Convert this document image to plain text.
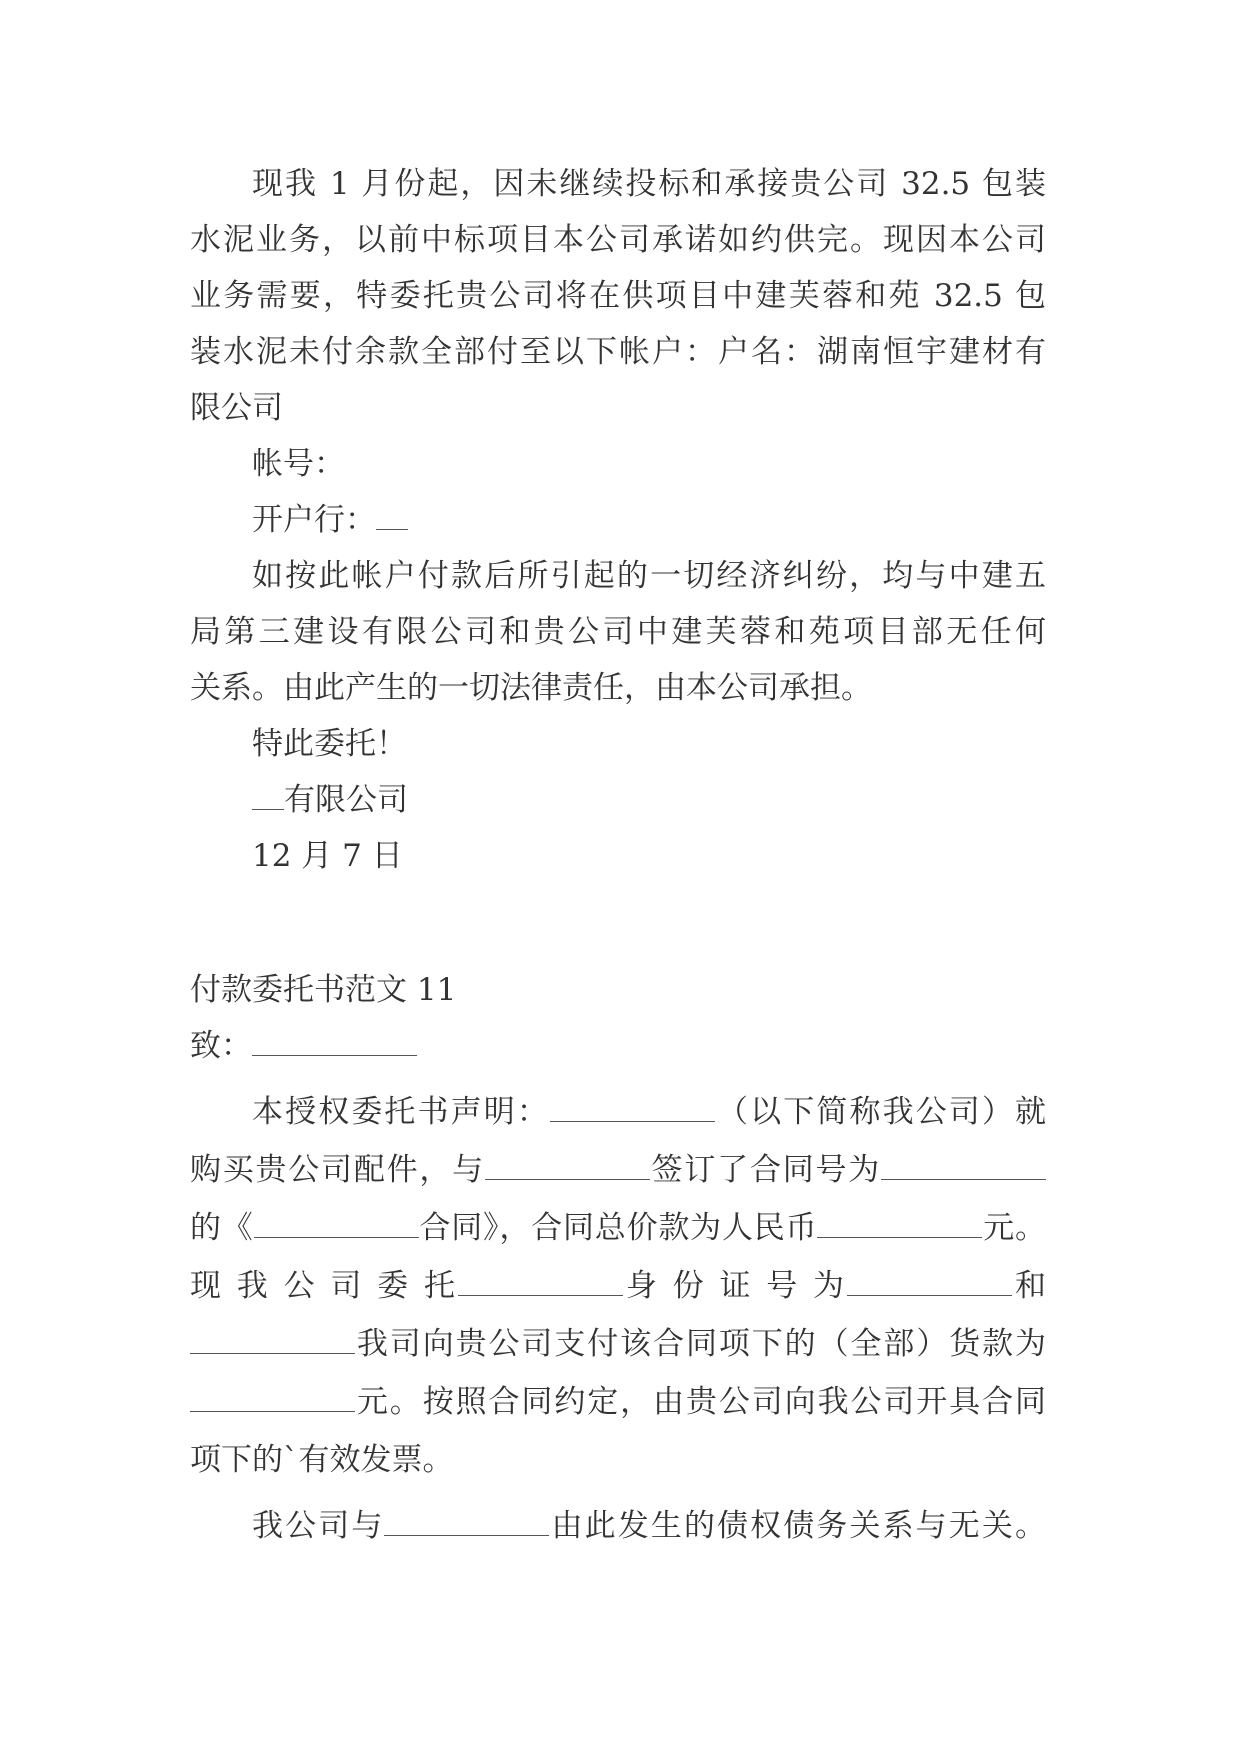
现我 1 月份起，因未继续投标和承接贵公司 32.5 包装
水泥业务，以前中标项目本公司承诺如约供完。现因本公司
业务需要，特委托贵公司将在供项目中建芙蓉和苑 32.5 包
装水泥未付余款全部付至以下帐户：户名：湖南恒宇建材有
限公司
帐号：
开户行：
如按此帐户付款后所引起的一切经济纠纷，均与中建五
局第三建设有限公司和贵公司中建芙蓉和苑项目部无任何
关系。由此产生的一切法律责任，由本公司承担。
特此委托！
有限公司
12 月 7 日
付款委托书范文 11
致：
本授权委托书声明：	（以下简称我公司）就
购买贵公司配件，与	签订了合同号为
的《	合同》，合同总价款为人民币	元。
现 我 公 司 委 托	身 份 证 号 为	和
我司向贵公司支付该合同项下的（全部）货款为
元。按照合同约定，由贵公司向我公司开具合同
项下的`有效发票。
我公司与	由此发生的债权债务关系与无关。
